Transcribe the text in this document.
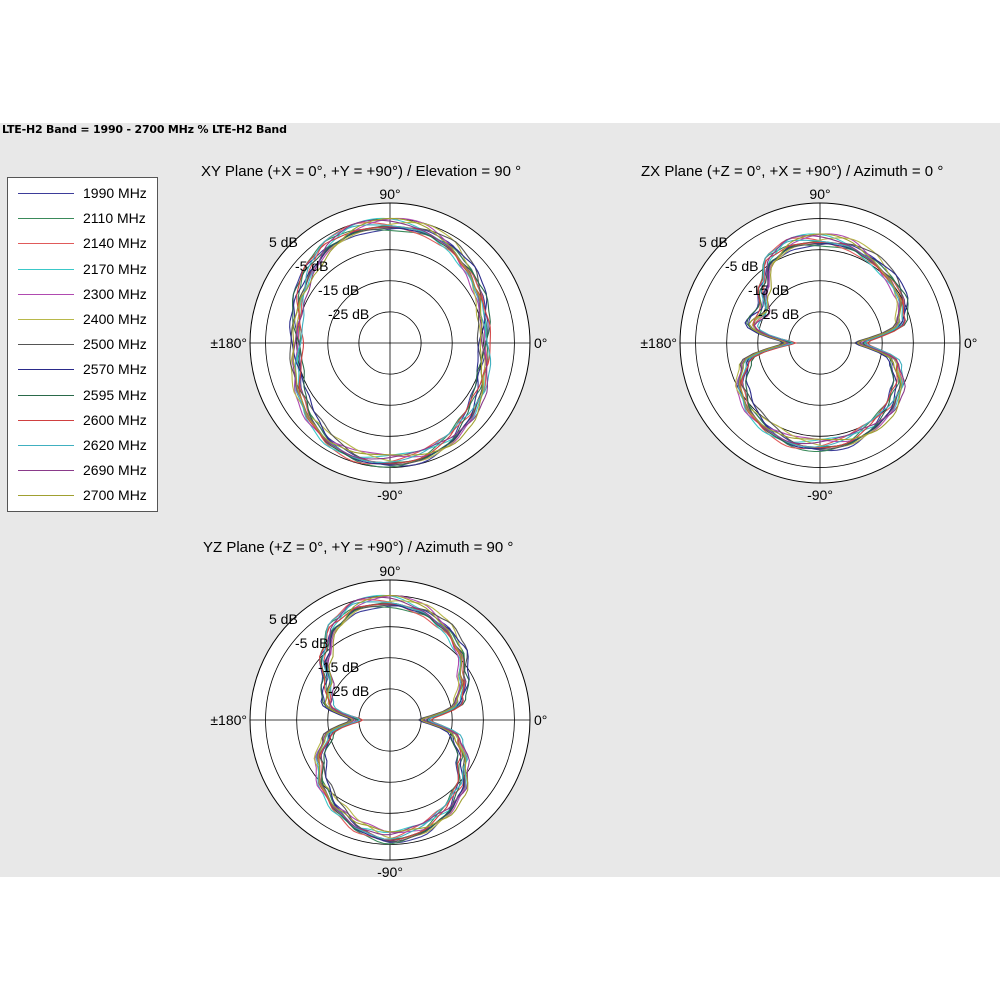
LTE-H2 Band = 1990 - 2700 MHz % LTE-H2 Band
1990 MHz
2110 MHz
2140 MHz
2170 MHz
2300 MHz
2400 MHz
2500 MHz
2570 MHz
2595 MHz
2600 MHz
2620 MHz
2690 MHz
2700 MHz
XY Plane (+X = 0°, +Y = +90°) / Elevation = 90 °	ZX Plane (+Z = 0°, +X = +90°) / Azimuth = 0 °
YZ Plane (+Z = 0°, +Y = +90°) / Azimuth = 90 °
5 dB
-5 dB
-15 dB
-25 dB
90°
-90°
0°
±180°
5 dB
-5 dB
-15 dB
-25 dB
90°
-90°
0°
±180°
5 dB
-5 dB
-15 dB
-25 dB
90°
-90°
0°
±180°
